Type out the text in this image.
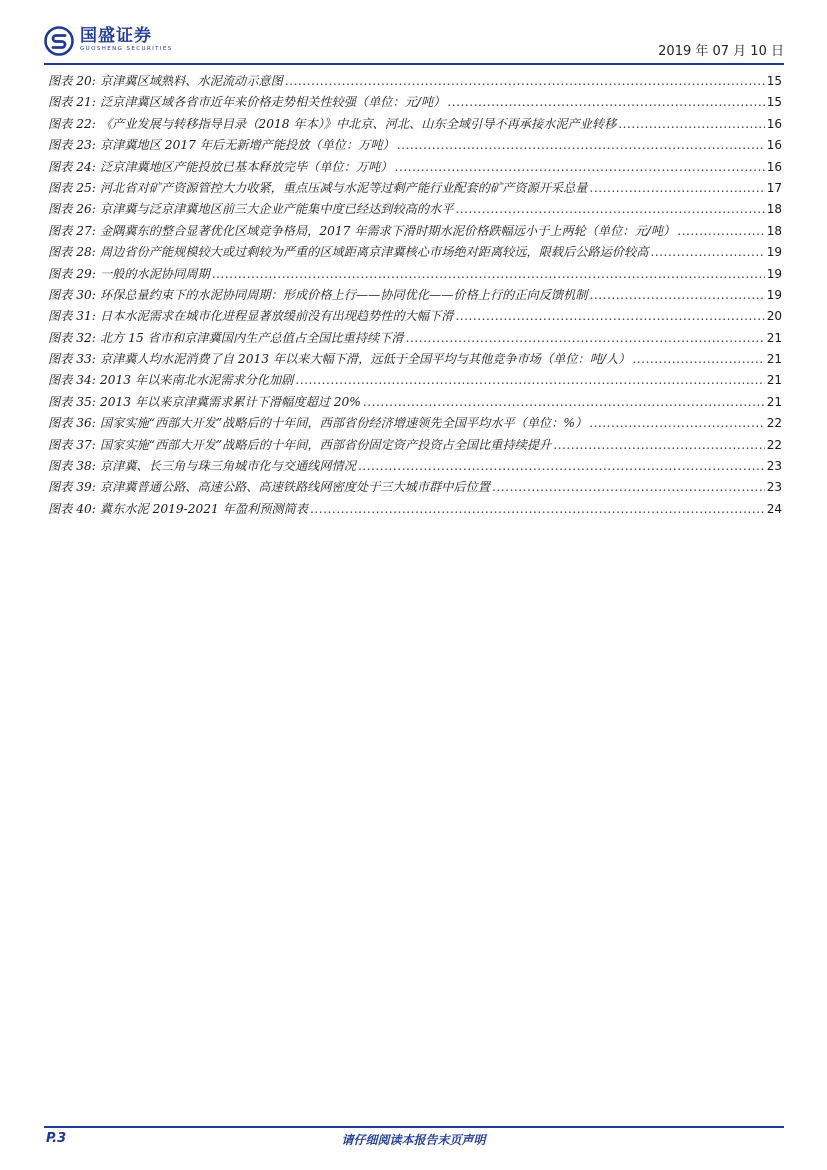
国盛证券
GUOSHENG SECURITIES	2019 年 07 月 10 日
图表 20: 京津冀区域熟料、水泥流动示意图 .....	15
图表 21: 泛京津冀区域各省市近年来价格走势相关性较强（单位：元/吨） .....	15
图表 22: 《产业发展与转移指导目录（2018 年本）》中北京、河北、山东全域引导不再承接水泥产业转移 .....	16
图表 23: 京津冀地区 2017 年后无新增产能投放（单位：万吨） .....	16
图表 24: 泛京津冀地区产能投放已基本释放完毕（单位：万吨） .....	16
图表 25: 河北省对矿产资源管控大力收紧，重点压减与水泥等过剩产能行业配套的矿产资源开采总量 .....	17
图表 26: 京津冀与泛京津冀地区前三大企业产能集中度已经达到较高的水平 .....	18
图表 27: 金隅冀东的整合显著优化区域竞争格局，2017 年需求下滑时期水泥价格跌幅远小于上两轮（单位：元/吨） .....	18
图表 28: 周边省份产能规模较大或过剩较为严重的区域距离京津冀核心市场绝对距离较远，限载后公路运价较高 .....	19
图表 29: 一般的水泥协同周期 .....	19
图表 30: 环保总量约束下的水泥协同周期：形成价格上行——协同优化——价格上行的正向反馈机制 .....	19
图表 31: 日本水泥需求在城市化进程显著放缓前没有出现趋势性的大幅下滑 .....	20
图表 32: 北方 15 省市和京津冀国内生产总值占全国比重持续下滑 .....	21
图表 33: 京津冀人均水泥消费了自 2013 年以来大幅下滑，远低于全国平均与其他竞争市场（单位：吨/人） .....	21
图表 34: 2013 年以来南北水泥需求分化加剧 .....	21
图表 35: 2013 年以来京津冀需求累计下滑幅度超过 20% .....	21
图表 36: 国家实施“西部大开发”战略后的十年间，西部省份经济增速领先全国平均水平（单位：%） .....	22
图表 37: 国家实施“西部大开发”战略后的十年间，西部省份固定资产投资占全国比重持续提升 .....	22
图表 38: 京津冀、长三角与珠三角城市化与交通线网情况 .....	23
图表 39: 京津冀普通公路、高速公路、高速铁路线网密度处于三大城市群中后位置 .....	23
图表 40: 冀东水泥 2019-2021 年盈利预测简表 .....	24
P.3	请仔细阅读本报告末页声明
